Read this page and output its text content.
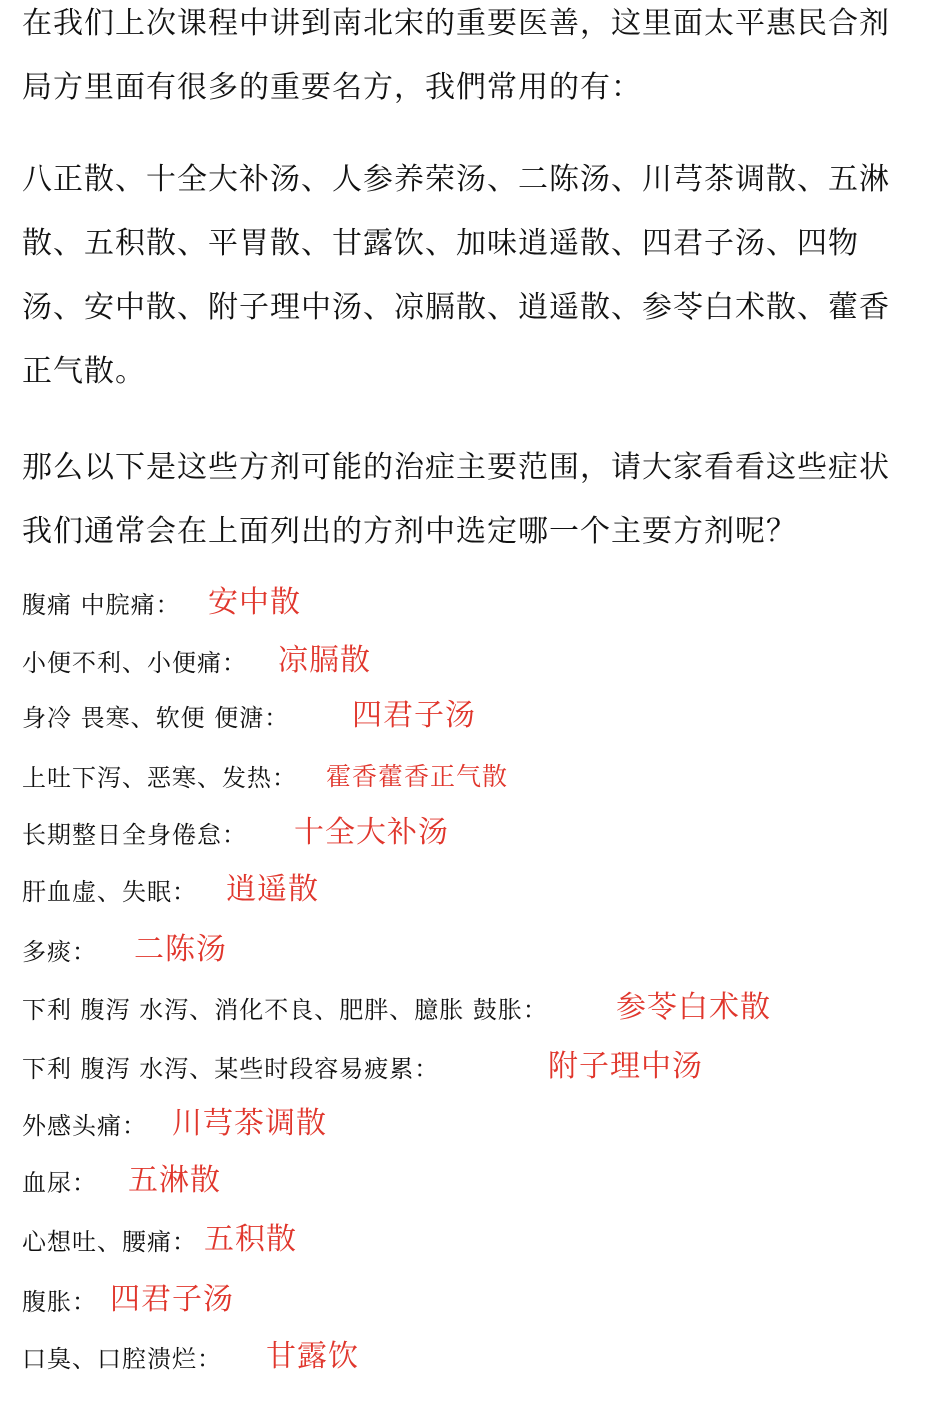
在我们上次课程中讲到南北宋的重要医善，这里面太平惠民合剂局方里面有很多的重要名方，我們常用的有：

八正散、十全大补汤、人参养荣汤、二陈汤、川芎茶调散、五淋散、五积散、平胃散、甘露饮、加味逍遥散、四君子汤、四物汤、安中散、附子理中汤、凉膈散、逍遥散、参苓白术散、藿香正气散。

那么以下是这些方剂可能的治症主要范围，请大家看看这些症状我们通常会在上面列出的方剂中选定哪一个主要方剂呢？

腹痛 中脘痛： 安中散
小便不利、小便痛： 凉膈散
身冷 畏寒、软便 便溏： 四君子汤
上吐下泻、恶寒、发热： 霍香藿香正气散
长期整日全身倦怠： 十全大补汤
肝血虚、失眠： 逍遥散
多痰： 二陈汤
下利 腹泻 水泻、消化不良、肥胖、臆胀 鼓胀： 参苓白术散
下利 腹泻 水泻、某些时段容易疲累：	附子理中汤
外感头痛： 川芎茶调散
血尿： 五淋散
心想吐、腰痛： 五积散
腹胀： 四君子汤
口臭、口腔溃烂： 甘露饮
